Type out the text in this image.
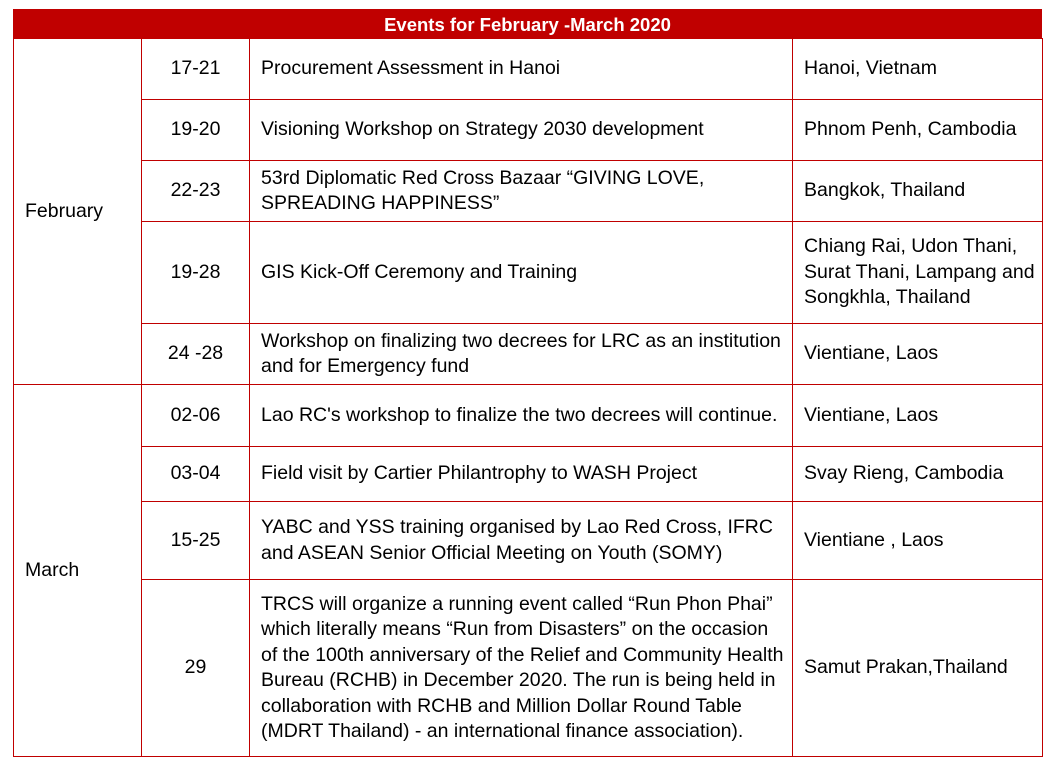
Events for February -March 2020
February	17-21	Procurement Assessment in Hanoi	Hanoi, Vietnam
	19-20	Visioning Workshop on Strategy 2030 development	Phnom Penh, Cambodia
	22-23	53rd Diplomatic Red Cross Bazaar “GIVING LOVE, SPREADING HAPPINESS”	Bangkok, Thailand
	19-28	GIS Kick-Off Ceremony and Training	Chiang Rai, Udon Thani, Surat Thani, Lampang and Songkhla, Thailand
	24 -28	Workshop on finalizing two decrees for LRC as an institution and for Emergency fund	Vientiane, Laos
March	02-06	Lao RC's workshop to finalize the two decrees will continue.	Vientiane, Laos
	03-04	Field visit by Cartier Philantrophy to WASH Project	Svay Rieng, Cambodia
	15-25	YABC and YSS training organised by Lao Red Cross, IFRC and ASEAN Senior Official Meeting on Youth (SOMY)	Vientiane , Laos
	29	TRCS will organize a running event called “Run Phon Phai” which literally means “Run from Disasters” on the occasion of the 100th anniversary of the Relief and Community Health Bureau (RCHB) in December 2020. The run is being held in collaboration with RCHB and Million Dollar Round Table (MDRT Thailand) - an international finance association).	Samut Prakan,Thailand
